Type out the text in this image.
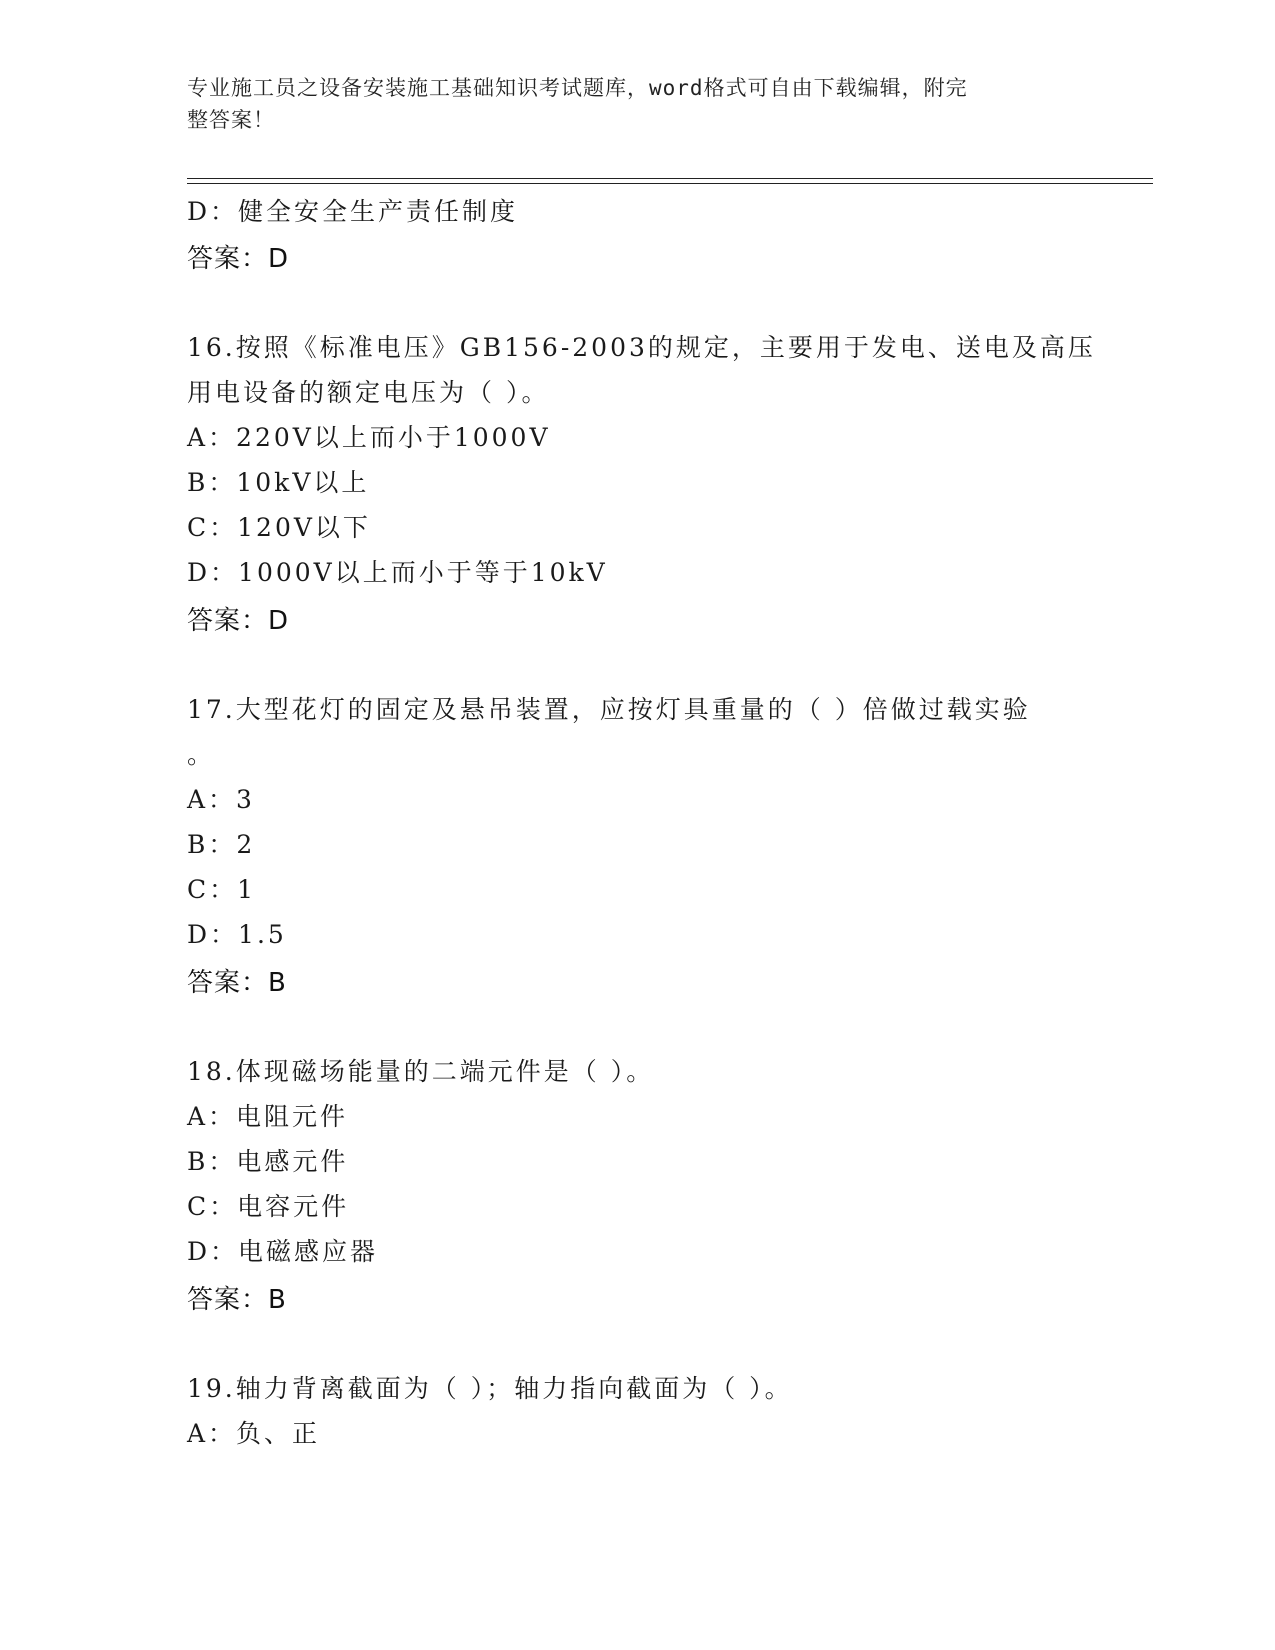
专业施工员之设备安装施工基础知识考试题库，word格式可自由下载编辑，附完
整答案！
D：健全安全生产责任制度
答案：D
16.按照《标准电压》GB156-2003的规定，主要用于发电、送电及高压
用电设备的额定电压为（ ）。
A：220V以上而小于1000V
B：10kV以上
C：120V以下
D：1000V以上而小于等于10kV
答案：D
17.大型花灯的固定及悬吊装置，应按灯具重量的（ ）倍做过载实验
。
A：3
B：2
C：1
D：1.5
答案：B
18.体现磁场能量的二端元件是（ ）。
A：电阻元件
B：电感元件
C：电容元件
D：电磁感应器
答案：B
19.轴力背离截面为（ ）；轴力指向截面为（ ）。
A：负、正
